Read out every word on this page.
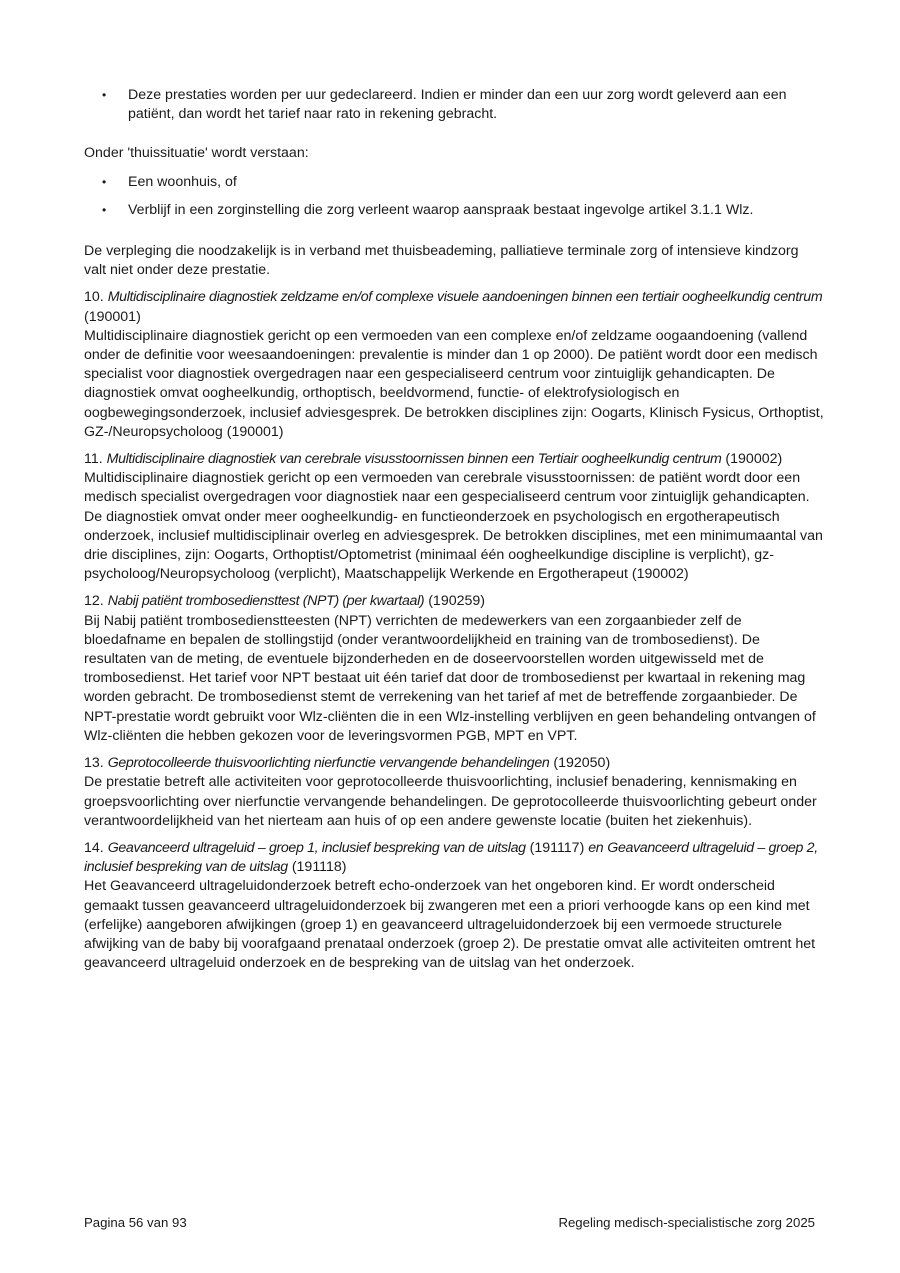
• Deze prestaties worden per uur gedeclareerd. Indien er minder dan een uur zorg wordt geleverd aan een patiënt, dan wordt het tarief naar rato in rekening gebracht.

Onder 'thuissituatie' wordt verstaan:

• Een woonhuis, of
• Verblijf in een zorginstelling die zorg verleent waarop aanspraak bestaat ingevolge artikel 3.1.1 Wlz.

De verpleging die noodzakelijk is in verband met thuisbeademing, palliatieve terminale zorg of intensieve kindzorg valt niet onder deze prestatie.

10. Multidisciplinaire diagnostiek zeldzame en/of complexe visuele aandoeningen binnen een tertiair oogheelkundig centrum (190001)

Multidisciplinaire diagnostiek gericht op een vermoeden van een complexe en/of zeldzame oogaandoening (vallend onder de definitie voor weesaandoeningen: prevalentie is minder dan 1 op 2000). De patiënt wordt door een medisch specialist voor diagnostiek overgedragen naar een gespecialiseerd centrum voor zintuiglijk gehandicapten. De diagnostiek omvat oogheelkundig, orthoptisch, beeldvormend, functie- of elektrofysiologisch en oogbewegingsonderzoek, inclusief adviesgesprek. De betrokken disciplines zijn: Oogarts, Klinisch Fysicus, Orthoptist, GZ-/Neuropsycholoog (190001)

11. Multidisciplinaire diagnostiek van cerebrale visusstoornissen binnen een Tertiair oogheelkundig centrum (190002)

Multidisciplinaire diagnostiek gericht op een vermoeden van cerebrale visusstoornissen: de patiënt wordt door een medisch specialist overgedragen voor diagnostiek naar een gespecialiseerd centrum voor zintuiglijk gehandicapten. De diagnostiek omvat onder meer oogheelkundig- en functieonderzoek en psychologisch en ergotherapeutisch onderzoek, inclusief multidisciplinair overleg en adviesgesprek. De betrokken disciplines, met een minimumaantal van drie disciplines, zijn: Oogarts, Orthoptist/Optometrist (minimaal één oogheelkundige discipline is verplicht), gz-psycholoog/Neuropsycholoog (verplicht), Maatschappelijk Werkende en Ergotherapeut (190002)

12. Nabij patiënt trombosediensttest (NPT) (per kwartaal) (190259)

Bij Nabij patiënt trombosedienstteesten (NPT) verrichten de medewerkers van een zorgaanbieder zelf de bloedafname en bepalen de stollingstijd (onder verantwoordelijkheid en training van de trombosedienst). De resultaten van de meting, de eventuele bijzonderheden en de doseervoorstellen worden uitgewisseld met de trombosedienst. Het tarief voor NPT bestaat uit één tarief dat door de trombosedienst per kwartaal in rekening mag worden gebracht. De trombosedienst stemt de verrekening van het tarief af met de betreffende zorgaanbieder. De NPT-prestatie wordt gebruikt voor Wlz-cliënten die in een Wlz-instelling verblijven en geen behandeling ontvangen of Wlz-cliënten die hebben gekozen voor de leveringsvormen PGB, MPT en VPT.

13. Geprotocolleerde thuisvoorlichting nierfunctie vervangende behandelingen (192050)

De prestatie betreft alle activiteiten voor geprotocolleerde thuisvoorlichting, inclusief benadering, kennismaking en groepsvoorlichting over nierfunctie vervangende behandelingen. De geprotocolleerde thuisvoorlichting gebeurt onder verantwoordelijkheid van het nierteam aan huis of op een andere gewenste locatie (buiten het ziekenhuis).

14. Geavanceerd ultrageluid – groep 1, inclusief bespreking van de uitslag (191117) en Geavanceerd ultrageluid – groep 2, inclusief bespreking van de uitslag (191118)

Het Geavanceerd ultrageluidonderzoek betreft echo-onderzoek van het ongeboren kind. Er wordt onderscheid gemaakt tussen geavanceerd ultrageluidonderzoek bij zwangeren met een a priori verhoogde kans op een kind met (erfelijke) aangeboren afwijkingen (groep 1) en geavanceerd ultrageluidonderzoek bij een vermoede structurele afwijking van de baby bij voorafgaand prenataal onderzoek (groep 2). De prestatie omvat alle activiteiten omtrent het geavanceerd ultrageluid onderzoek en de bespreking van de uitslag van het onderzoek.

Pagina 56 van 93	Regeling medisch-specialistische zorg 2025
